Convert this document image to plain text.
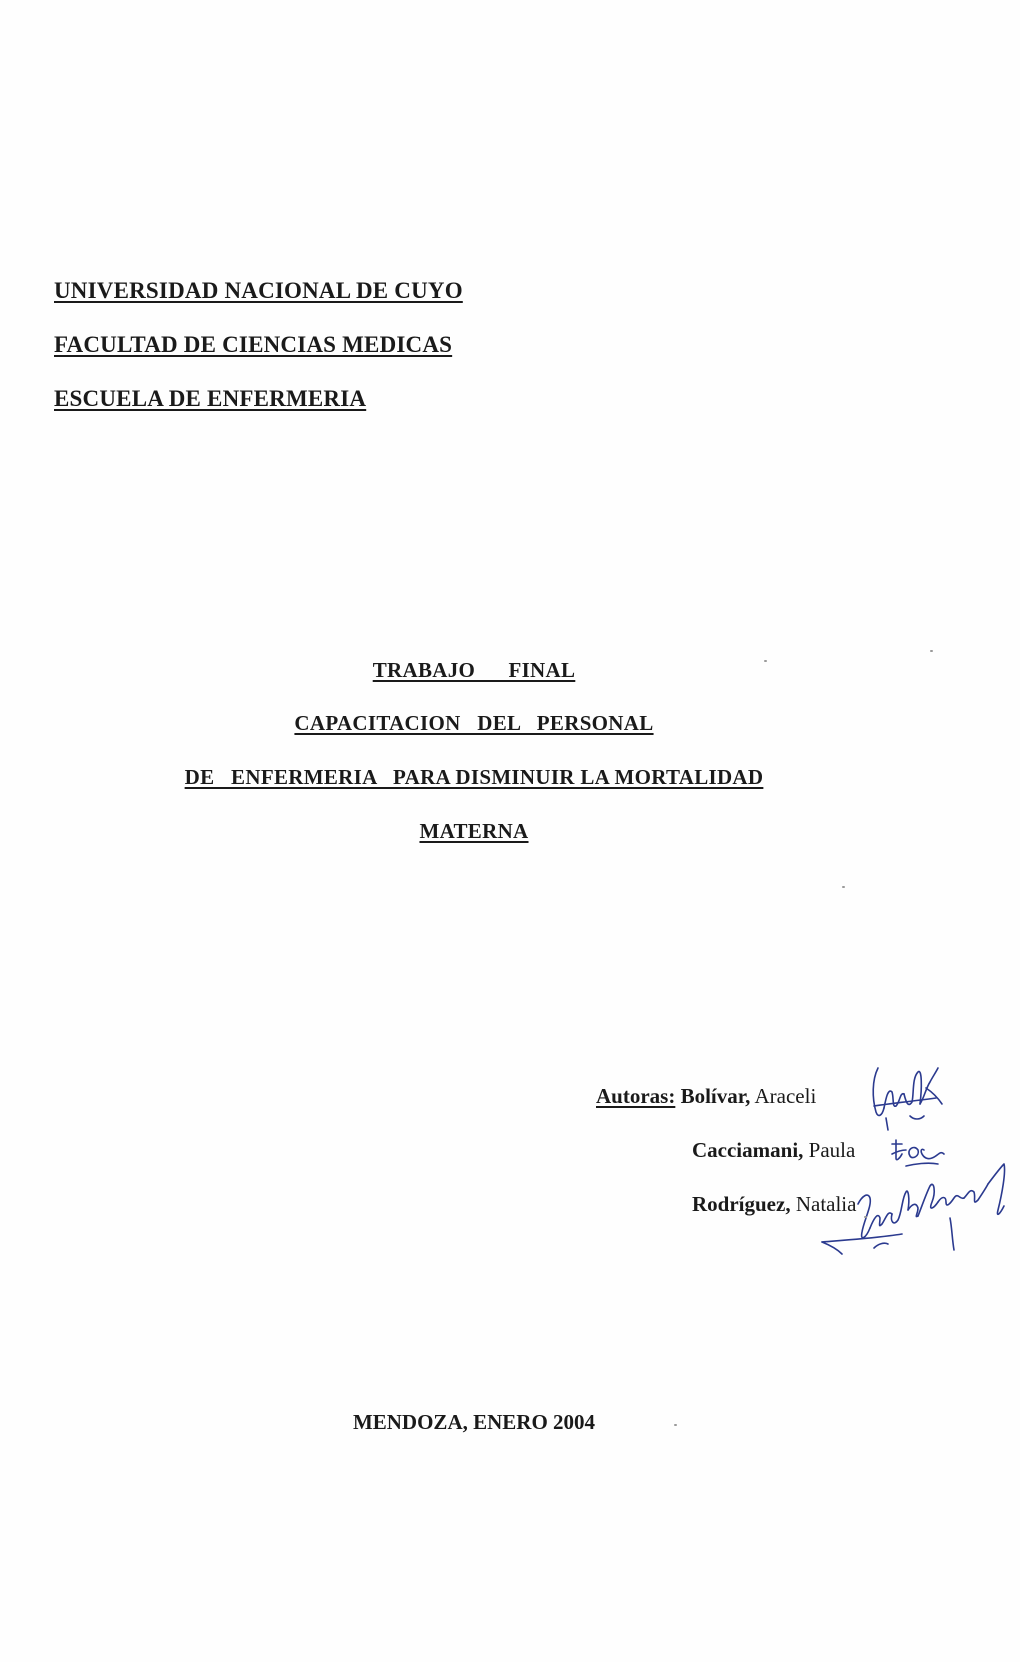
UNIVERSIDAD NACIONAL DE CUYO
FACULTAD DE CIENCIAS MEDICAS
ESCUELA DE ENFERMERIA
TRABAJO      FINAL
CAPACITACION   DEL   PERSONAL
DE   ENFERMERIA   PARA DISMINUIR LA MORTALIDAD
MATERNA
Autoras: Bolívar, Araceli
Cacciamani, Paula
Rodríguez, Natalia
MENDOZA, ENERO 2004
